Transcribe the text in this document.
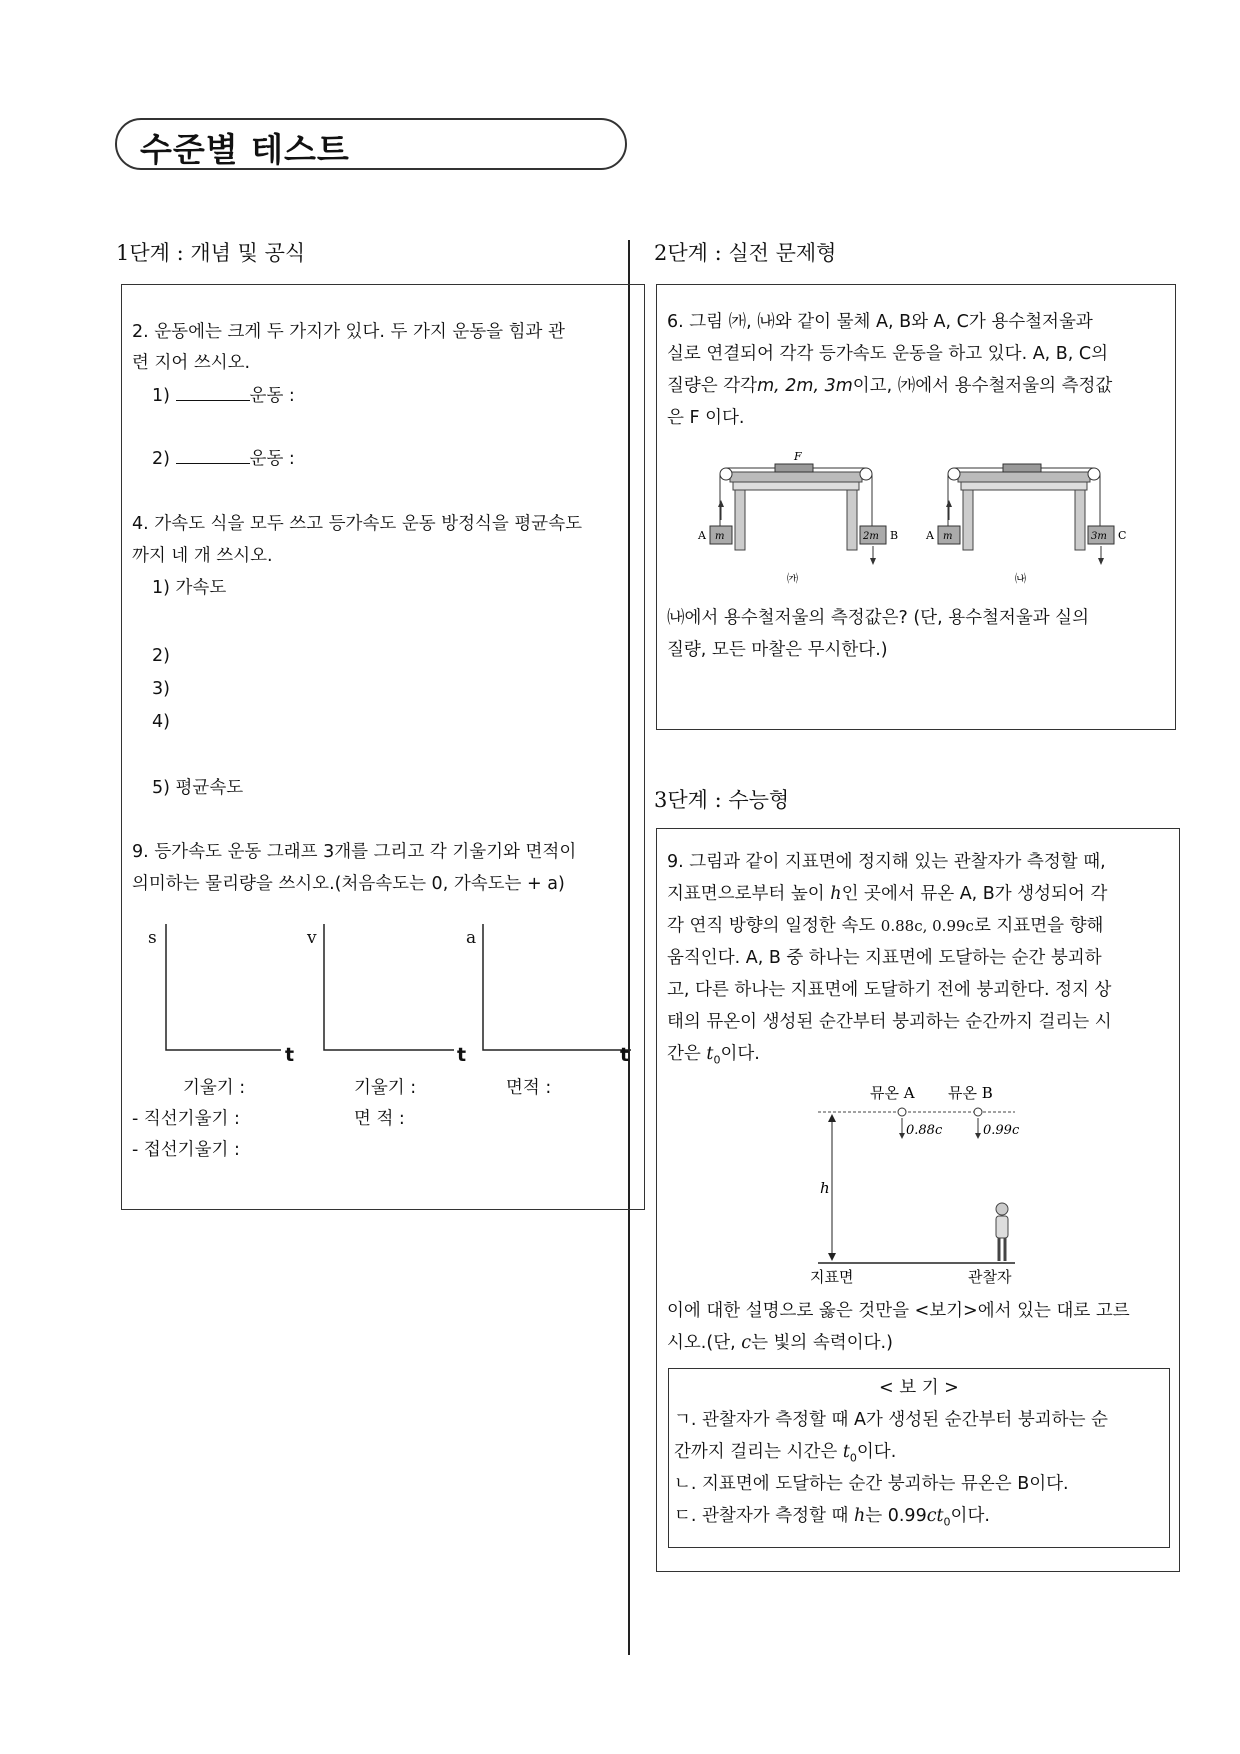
수준별 테스트
1단계 : 개념 및 공식	2단계 : 실전 문제형
3단계 : 수능형
2. 운동에는 크게 두 가지가 있다. 두 가지 운동을 힘과 관
련 지어 쓰시오.
1)	운동 :
2)	운동 :
4. 가속도 식을 모두 쓰고 등가속도 운동 방정식을 평균속도
까지 네 개 쓰시오.
1) 가속도
2)
3)
4)
5) 평균속도
9. 등가속도 운동 그래프 3개를 그리고 각 기울기와 면적이
의미하는 물리량을 쓰시오.(처음속도는 0, 가속도는 + a)
s	v	a
t	t	t
기울기 :	기울기 :	면적 :
- 직선기울기 :	면 적 :
- 접선기울기 :
6. 그림 ㈎, ㈏와 같이 물체 A, B와 A, C가 용수철저울과
실로 연결되어 각각 등가속도 운동을 하고 있다. A, B, C의
질량은 각각m, 2m, 3m이고, ㈎에서 용수철저울의 측정값
은 F 이다.
㈏에서 용수철저울의 측정값은? (단, 용수철저울과 실의
질량, 모든 마찰은 무시한다.)
F
A m	2m B	A m	3m C
㈎	㈏
9. 그림과 같이 지표면에 정지해 있는 관찰자가 측정할 때,
지표면으로부터 높이 h인 곳에서 뮤온 A, B가 생성되어 각
각 연직 방향의 일정한 속도 0.88c, 0.99c로 지표면을 향해
움직인다. A, B 중 하나는 지표면에 도달하는 순간 붕괴하
고, 다른 하나는 지표면에 도달하기 전에 붕괴한다. 정지 상
태의 뮤온이 생성된 순간부터 붕괴하는 순간까지 걸리는 시
간은 $t_0$이다.
이에 대한 설명으로 옳은 것만을 <보기>에서 있는 대로 고르
시오.(단, c는 빛의 속력이다.)
뮤온 A 뮤온 B
0.88c	0.99c
h
지표면	관찰자
< 보 기 >
ㄱ. 관찰자가 측정할 때 A가 생성된 순간부터 붕괴하는 순
간까지 걸리는 시간은 $t_0$이다.
ㄴ. 지표면에 도달하는 순간 붕괴하는 뮤온은 B이다.
ㄷ. 관찰자가 측정할 때 h는 $0.99ct_0$이다.
